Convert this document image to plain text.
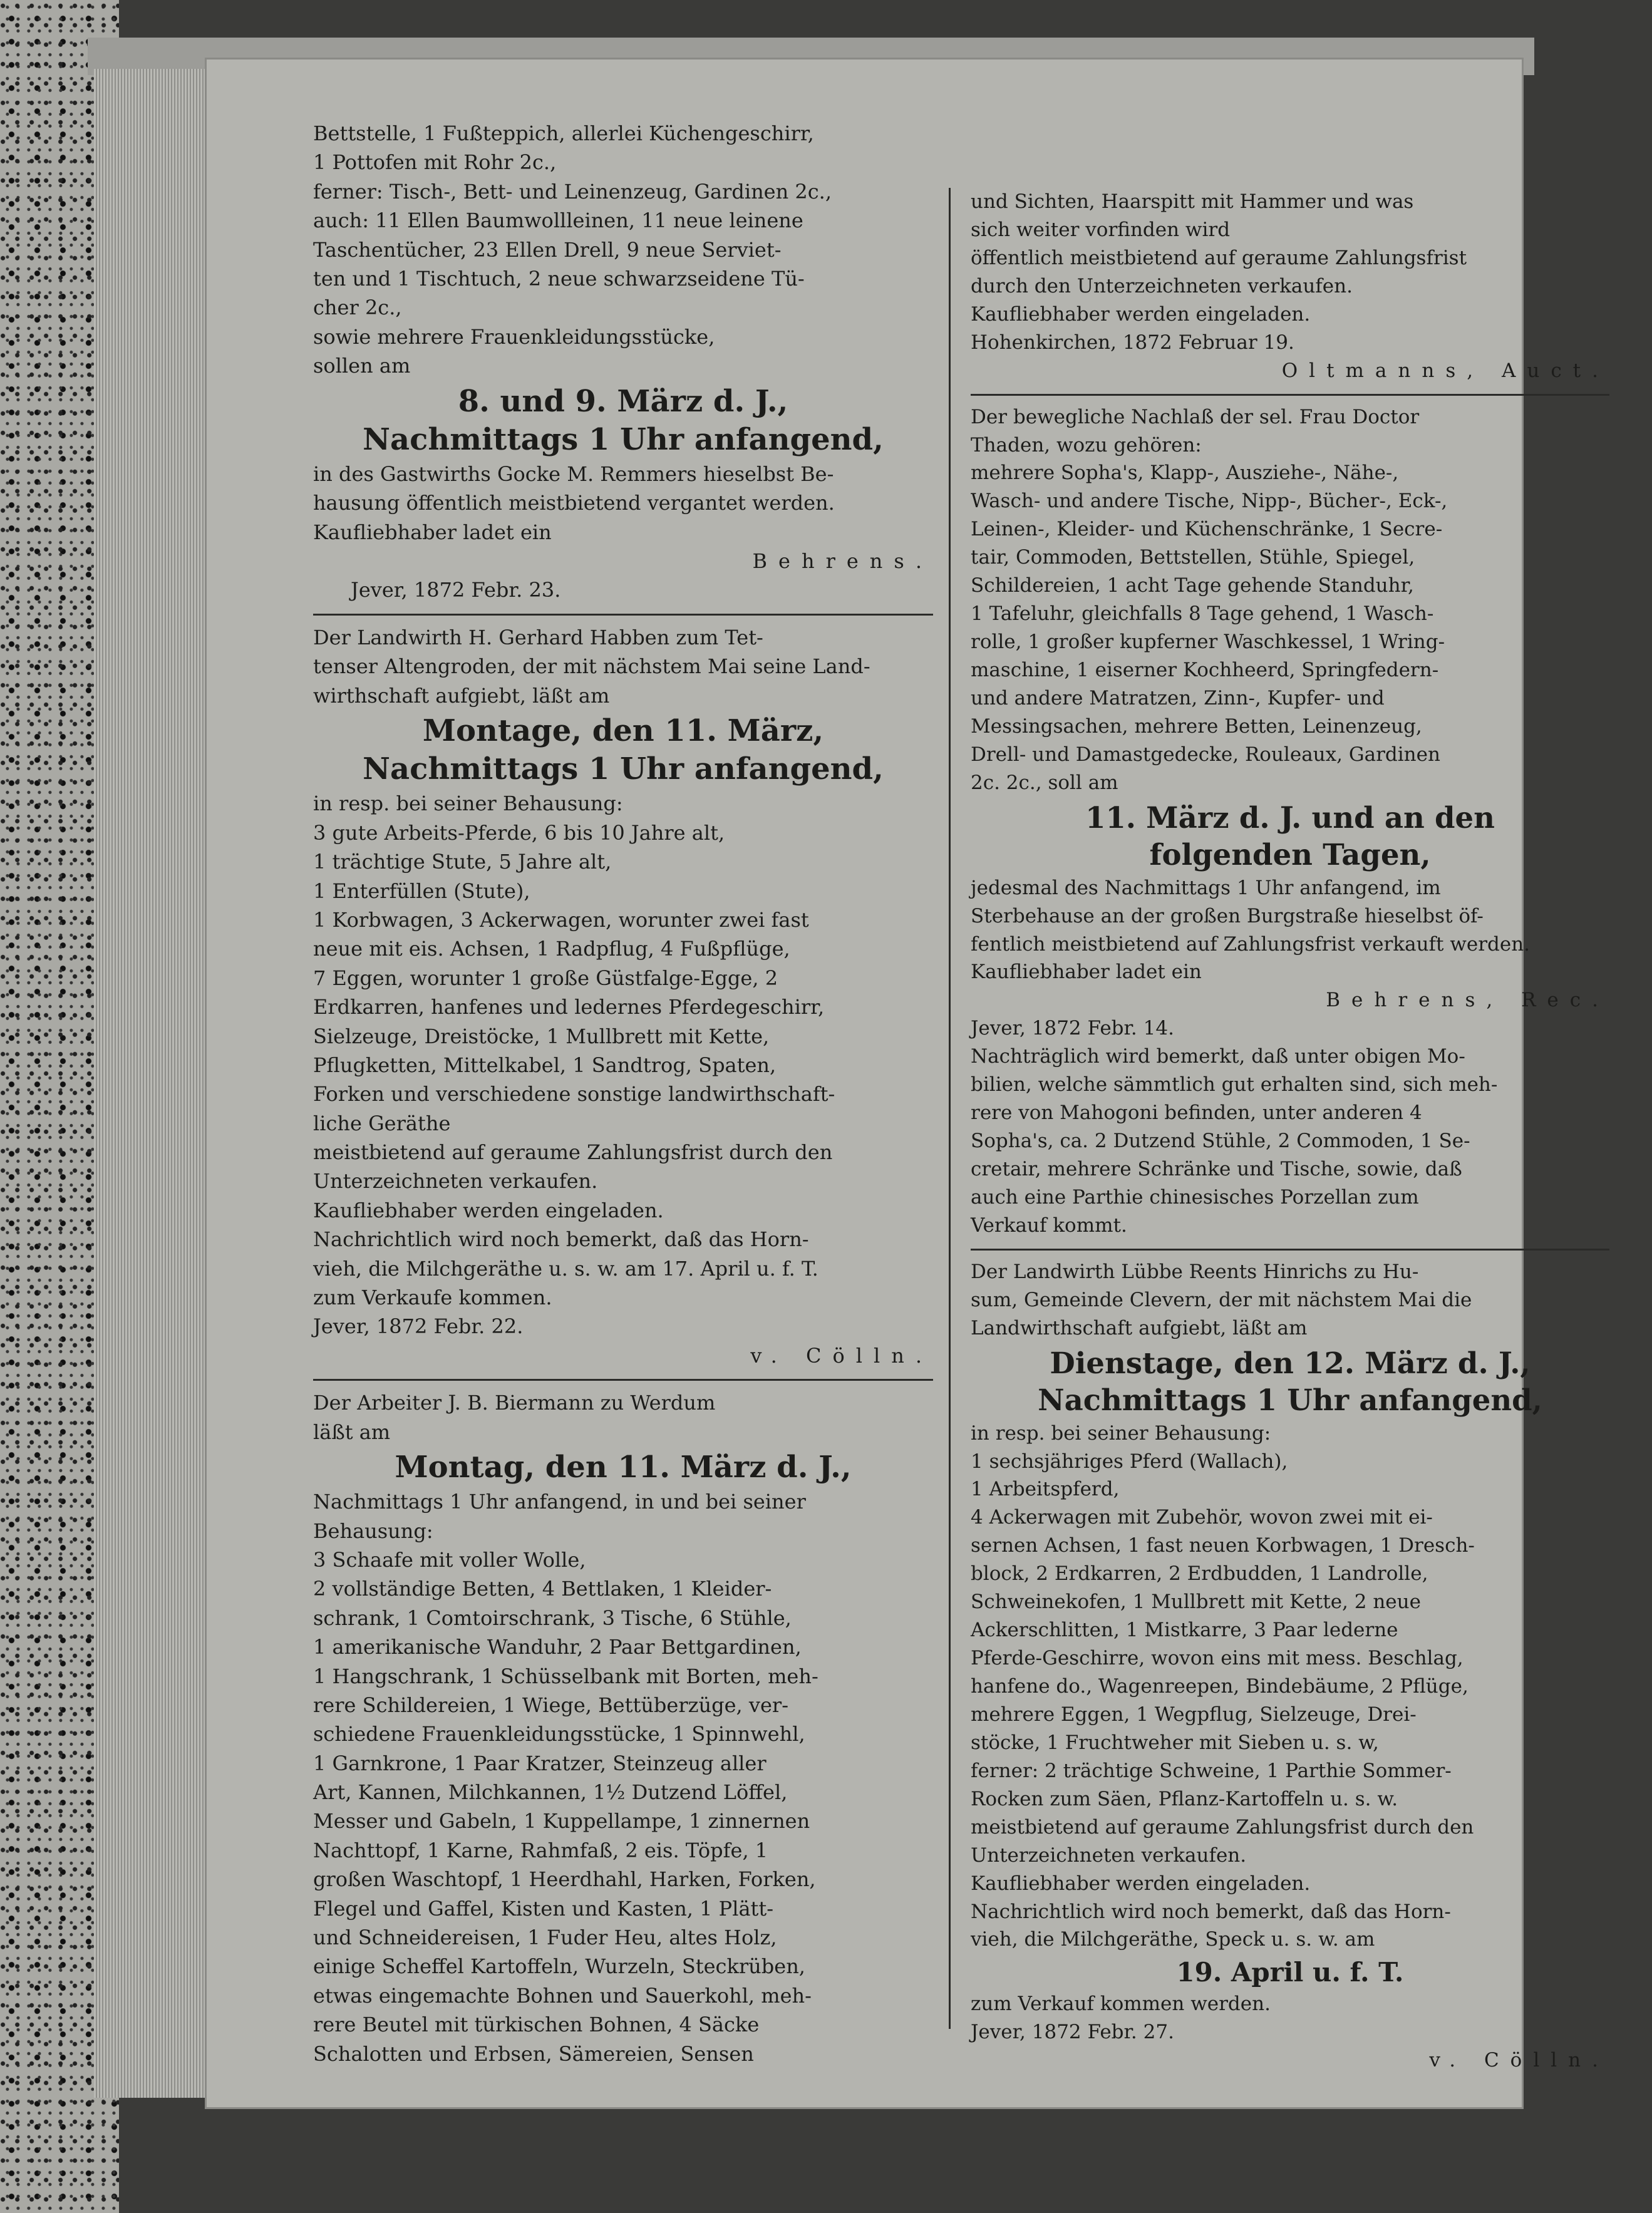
Bettstelle, 1 Fußteppich, allerlei Küchengeschirr,

1 Pottofen mit Rohr 2c.,

ferner: Tisch-, Bett- und Leinenzeug, Gardinen 2c.,

auch: 11 Ellen Baumwollleinen, 11 neue leinene

Taschentücher, 23 Ellen Drell, 9 neue Serviet-

ten und 1 Tischtuch, 2 neue schwarzseidene Tü-

cher 2c.,

sowie mehrere Frauenkleidungsstücke,

sollen am

8. und 9. März d. J.,
Nachmittags 1 Uhr anfangend,

in des Gastwirths Gocke M. Remmers hieselbst Be-

hausung öffentlich meistbietend vergantet werden.

Kaufliebhaber ladet ein

Behrens.

Jever, 1872 Febr. 23.

Der Landwirth H. Gerhard Habben zum Tet-

tenser Altengroden, der mit nächstem Mai seine Land-

wirthschaft aufgiebt, läßt am

Montage, den 11. März,
Nachmittags 1 Uhr anfangend,

in resp. bei seiner Behausung:

3 gute Arbeits-Pferde, 6 bis 10 Jahre alt,

1 trächtige Stute, 5 Jahre alt,

1 Enterfüllen (Stute),

1 Korbwagen, 3 Ackerwagen, worunter zwei fast

neue mit eis. Achsen, 1 Radpflug, 4 Fußpflüge,

7 Eggen, worunter 1 große Güstfalge-Egge, 2

Erdkarren, hanfenes und ledernes Pferdegeschirr,

Sielzeuge, Dreistöcke, 1 Mullbrett mit Kette,

Pflugketten, Mittelkabel, 1 Sandtrog, Spaten,

Forken und verschiedene sonstige landwirthschaft-

liche Geräthe

meistbietend auf geraume Zahlungsfrist durch den

Unterzeichneten verkaufen.

Kaufliebhaber werden eingeladen.

Nachrichtlich wird noch bemerkt, daß das Horn-

vieh, die Milchgeräthe u. s. w. am 17. April u. f. T.

zum Verkaufe kommen.

Jever, 1872 Febr. 22.

v. Cölln.

Der Arbeiter J. B. Biermann zu Werdum

läßt am

Montag, den 11. März d. J.,

Nachmittags 1 Uhr anfangend, in und bei seiner

Behausung:

3 Schaafe mit voller Wolle,

2 vollständige Betten, 4 Bettlaken, 1 Kleider-

schrank, 1 Comtoirschrank, 3 Tische, 6 Stühle,

1 amerikanische Wanduhr, 2 Paar Bettgardinen,

1 Hangschrank, 1 Schüsselbank mit Borten, meh-

rere Schildereien, 1 Wiege, Bettüberzüge, ver-

schiedene Frauenkleidungsstücke, 1 Spinnwehl,

1 Garnkrone, 1 Paar Kratzer, Steinzeug aller

Art, Kannen, Milchkannen, 1½ Dutzend Löffel,

Messer und Gabeln, 1 Kuppellampe, 1 zinnernen

Nachttopf, 1 Karne, Rahmfaß, 2 eis. Töpfe, 1

großen Waschtopf, 1 Heerdhahl, Harken, Forken,

Flegel und Gaffel, Kisten und Kasten, 1 Plätt-

und Schneidereisen, 1 Fuder Heu, altes Holz,

einige Scheffel Kartoffeln, Wurzeln, Steckrüben,

etwas eingemachte Bohnen und Sauerkohl, meh-

rere Beutel mit türkischen Bohnen, 4 Säcke

Schalotten und Erbsen, Sämereien, Sensen

und Sichten, Haarspitt mit Hammer und was

sich weiter vorfinden wird

öffentlich meistbietend auf geraume Zahlungsfrist

durch den Unterzeichneten verkaufen.

Kaufliebhaber werden eingeladen.

Hohenkirchen, 1872 Februar 19.

Oltmanns, Auct.

Der bewegliche Nachlaß der sel. Frau Doctor

Thaden, wozu gehören:

mehrere Sopha's, Klapp-, Ausziehe-, Nähe-,

Wasch- und andere Tische, Nipp-, Bücher-, Eck-,

Leinen-, Kleider- und Küchenschränke, 1 Secre-

tair, Commoden, Bettstellen, Stühle, Spiegel,

Schildereien, 1 acht Tage gehende Standuhr,

1 Tafeluhr, gleichfalls 8 Tage gehend, 1 Wasch-

rolle, 1 großer kupferner Waschkessel, 1 Wring-

maschine, 1 eiserner Kochheerd, Springfedern-

und andere Matratzen, Zinn-, Kupfer- und

Messingsachen, mehrere Betten, Leinenzeug,

Drell- und Damastgedecke, Rouleaux, Gardinen

2c. 2c., soll am

11. März d. J. und an den
folgenden Tagen,

jedesmal des Nachmittags 1 Uhr anfangend, im

Sterbehause an der großen Burgstraße hieselbst öf-

fentlich meistbietend auf Zahlungsfrist verkauft werden.

Kaufliebhaber ladet ein

Behrens, Rec.

Jever, 1872 Febr. 14.

Nachträglich wird bemerkt, daß unter obigen Mo-

bilien, welche sämmtlich gut erhalten sind, sich meh-

rere von Mahogoni befinden, unter anderen 4

Sopha's, ca. 2 Dutzend Stühle, 2 Commoden, 1 Se-

cretair, mehrere Schränke und Tische, sowie, daß

auch eine Parthie chinesisches Porzellan zum

Verkauf kommt.

Der Landwirth Lübbe Reents Hinrichs zu Hu-

sum, Gemeinde Clevern, der mit nächstem Mai die

Landwirthschaft aufgiebt, läßt am

Dienstage, den 12. März d. J.,
Nachmittags 1 Uhr anfangend,

in resp. bei seiner Behausung:

1 sechsjähriges Pferd (Wallach),

1 Arbeitspferd,

4 Ackerwagen mit Zubehör, wovon zwei mit ei-

sernen Achsen, 1 fast neuen Korbwagen, 1 Dresch-

block, 2 Erdkarren, 2 Erdbudden, 1 Landrolle,

Schweinekofen, 1 Mullbrett mit Kette, 2 neue

Ackerschlitten, 1 Mistkarre, 3 Paar lederne

Pferde-Geschirre, wovon eins mit mess. Beschlag,

hanfene do., Wagenreepen, Bindebäume, 2 Pflüge,

mehrere Eggen, 1 Wegpflug, Sielzeuge, Drei-

stöcke, 1 Fruchtweher mit Sieben u. s. w,

ferner: 2 trächtige Schweine, 1 Parthie Sommer-

Rocken zum Säen, Pflanz-Kartoffeln u. s. w.

meistbietend auf geraume Zahlungsfrist durch den

Unterzeichneten verkaufen.

Kaufliebhaber werden eingeladen.

Nachrichtlich wird noch bemerkt, daß das Horn-

vieh, die Milchgeräthe, Speck u. s. w. am

19. April u. f. T.

zum Verkauf kommen werden.

Jever, 1872 Febr. 27.

v. Cölln.
